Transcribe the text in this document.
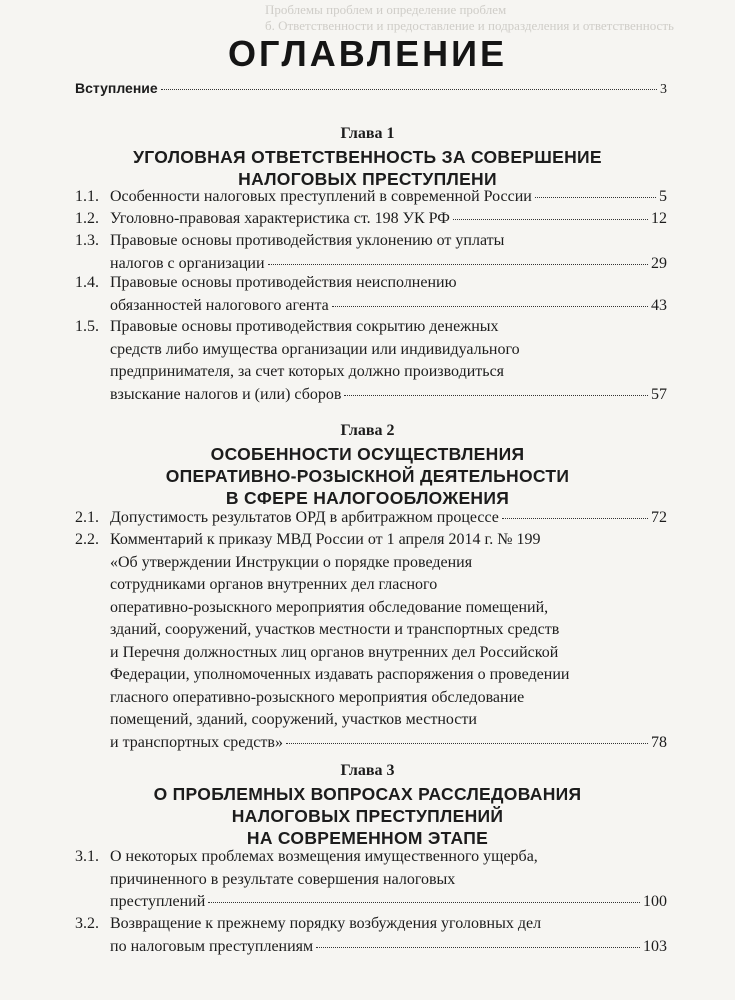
Проблемы проблем и определение проблем
б. Ответственности и предоставление и подразделения и ответственность
ОГЛАВЛЕНИЕ
Вступление	3
Глава 1
УГОЛОВНАЯ ОТВЕТСТВЕННОСТЬ ЗА СОВЕРШЕНИЕ
НАЛОГОВЫХ ПРЕСТУПЛЕНИ
1.1. Особенности налоговых преступлений в современной России	5
1.2. Уголовно-правовая характеристика ст. 198 УК РФ	12
1.3. Правовые основы противодействия уклонению от уплаты
налогов с организации	29
1.4. Правовые основы противодействия неисполнению
обязанностей налогового агента	43
1.5. Правовые основы противодействия сокрытию денежных
средств либо имущества организации или индивидуального
предпринимателя, за счет которых должно производиться
взыскание налогов и (или) сборов	57
Глава 2
ОСОБЕННОСТИ ОСУЩЕСТВЛЕНИЯ
ОПЕРАТИВНО-РОЗЫСКНОЙ ДЕЯТЕЛЬНОСТИ
В СФЕРЕ НАЛОГООБЛОЖЕНИЯ
2.1. Допустимость результатов ОРД в арбитражном процессе	72
2.2. Комментарий к приказу МВД России от 1 апреля 2014 г. № 199
«Об утверждении Инструкции о порядке проведения
сотрудниками органов внутренних дел гласного
оперативно-розыскного мероприятия обследование помещений,
зданий, сооружений, участков местности и транспортных средств
и Перечня должностных лиц органов внутренних дел Российской
Федерации, уполномоченных издавать распоряжения о проведении
гласного оперативно-розыскного мероприятия обследование
помещений, зданий, сооружений, участков местности
и транспортных средств»	78
Глава 3
О ПРОБЛЕМНЫХ ВОПРОСАХ РАССЛЕДОВАНИЯ
НАЛОГОВЫХ ПРЕСТУПЛЕНИЙ
НА СОВРЕМЕННОМ ЭТАПЕ
3.1. О некоторых проблемах возмещения имущественного ущерба,
причиненного в результате совершения налоговых
преступлений	100
3.2. Возвращение к прежнему порядку возбуждения уголовных дел
по налоговым преступлениям	103
